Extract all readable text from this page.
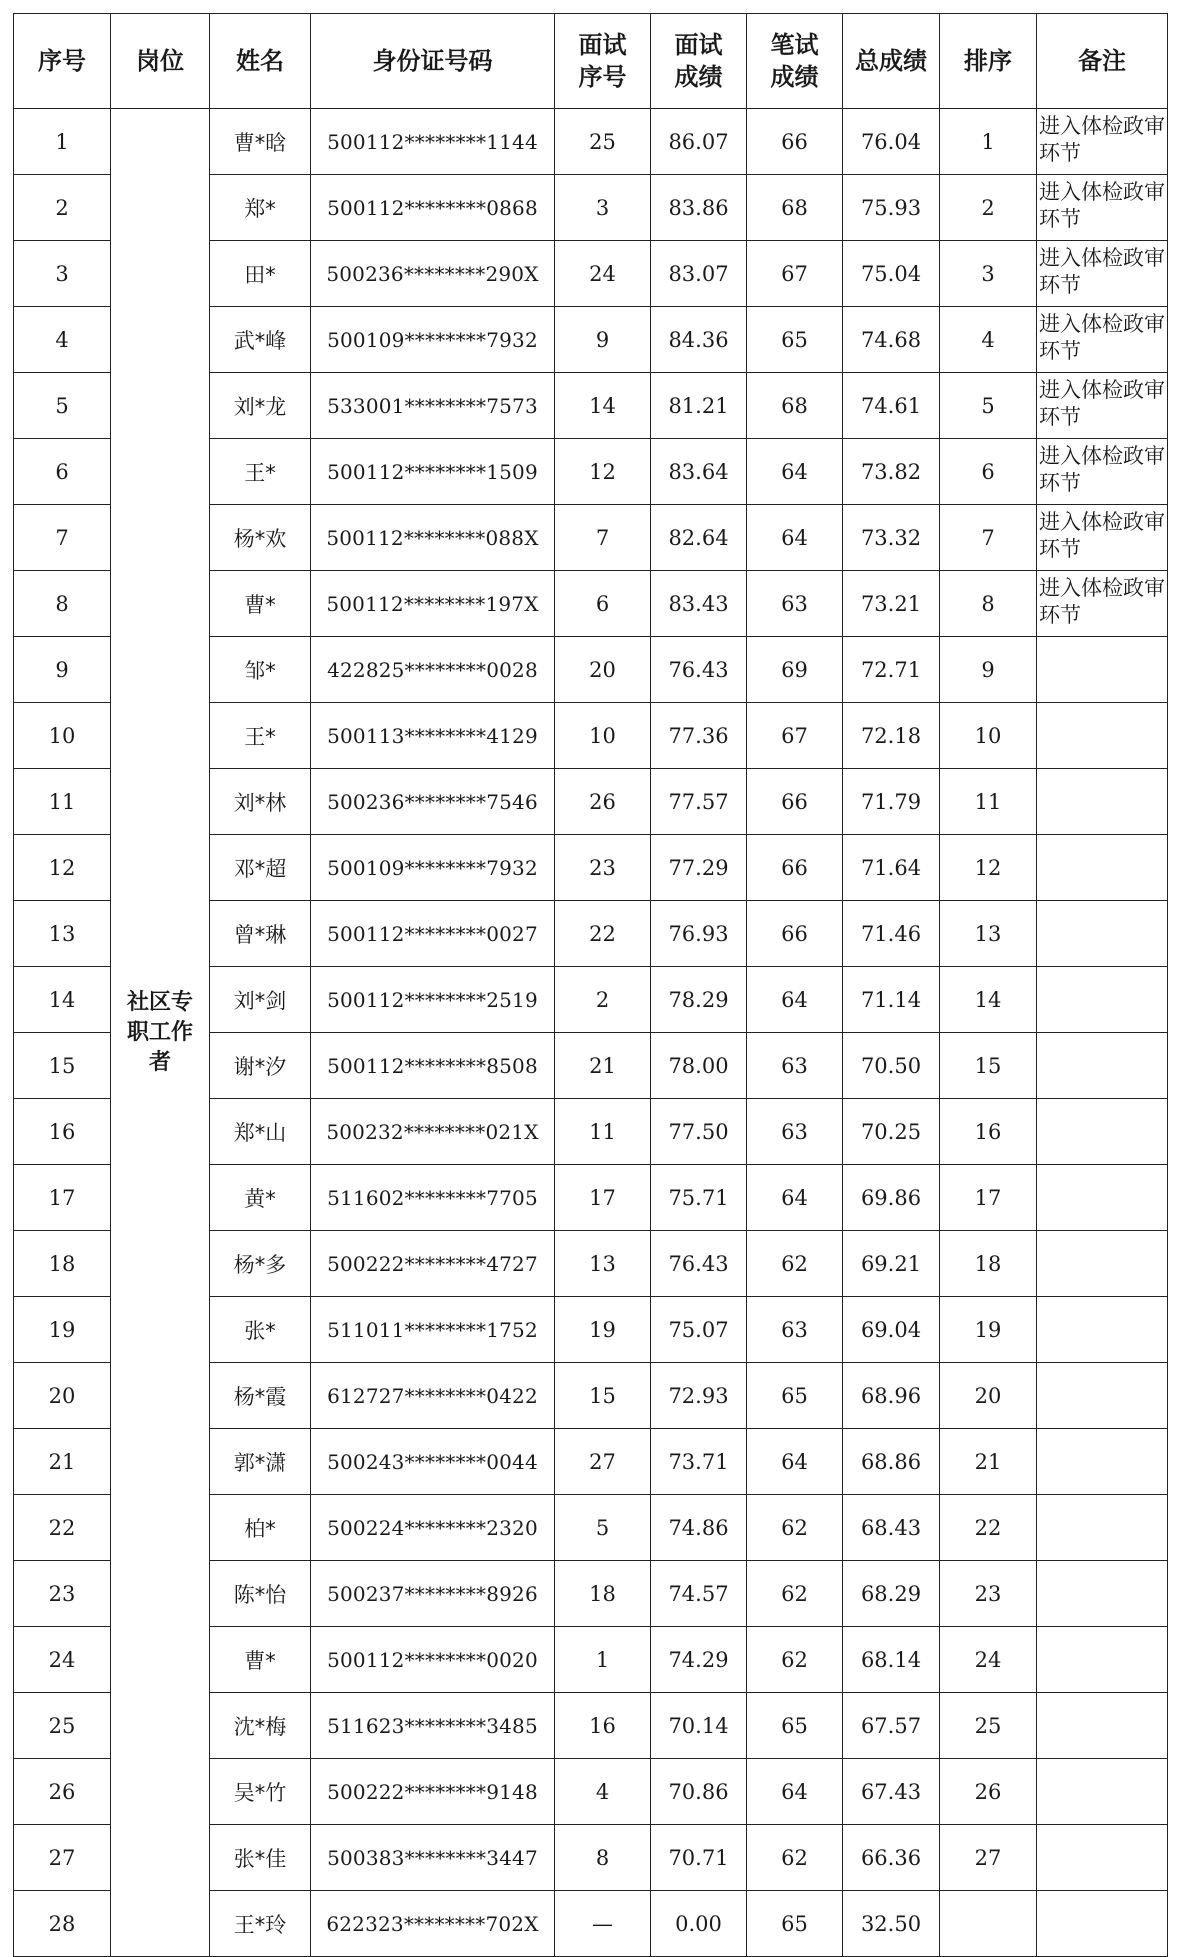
序号	岗位	姓名	身份证号码	面试序号	面试成绩	笔试成绩	总成绩	排序	备注
1	社区专职工作者	曹*晗	500112********1144	25	86.07	66	76.04	1	进入体检政审环节
2		郑*	500112********0868	3	83.86	68	75.93	2	进入体检政审环节
3		田*	500236********290X	24	83.07	67	75.04	3	进入体检政审环节
4		武*峰	500109********7932	9	84.36	65	74.68	4	进入体检政审环节
5		刘*龙	533001********7573	14	81.21	68	74.61	5	进入体检政审环节
6		王*	500112********1509	12	83.64	64	73.82	6	进入体检政审环节
7		杨*欢	500112********088X	7	82.64	64	73.32	7	进入体检政审环节
8		曹*	500112********197X	6	83.43	63	73.21	8	进入体检政审环节
9		邹*	422825********0028	20	76.43	69	72.71	9	
10		王*	500113********4129	10	77.36	67	72.18	10	
11		刘*林	500236********7546	26	77.57	66	71.79	11	
12		邓*超	500109********7932	23	77.29	66	71.64	12	
13		曾*琳	500112********0027	22	76.93	66	71.46	13	
14		刘*剑	500112********2519	2	78.29	64	71.14	14	
15		谢*汐	500112********8508	21	78.00	63	70.50	15	
16		郑*山	500232********021X	11	77.50	63	70.25	16	
17		黄*	511602********7705	17	75.71	64	69.86	17	
18		杨*多	500222********4727	13	76.43	62	69.21	18	
19		张*	511011********1752	19	75.07	63	69.04	19	
20		杨*霞	612727********0422	15	72.93	65	68.96	20	
21		郭*潇	500243********0044	27	73.71	64	68.86	21	
22		柏*	500224********2320	5	74.86	62	68.43	22	
23		陈*怡	500237********8926	18	74.57	62	68.29	23	
24		曹*	500112********0020	1	74.29	62	68.14	24	
25		沈*梅	511623********3485	16	70.14	65	67.57	25	
26		吴*竹	500222********9148	4	70.86	64	67.43	26	
27		张*佳	500383********3447	8	70.71	62	66.36	27	
28		王*玲	622323********702X	—	0.00	65	32.50		
